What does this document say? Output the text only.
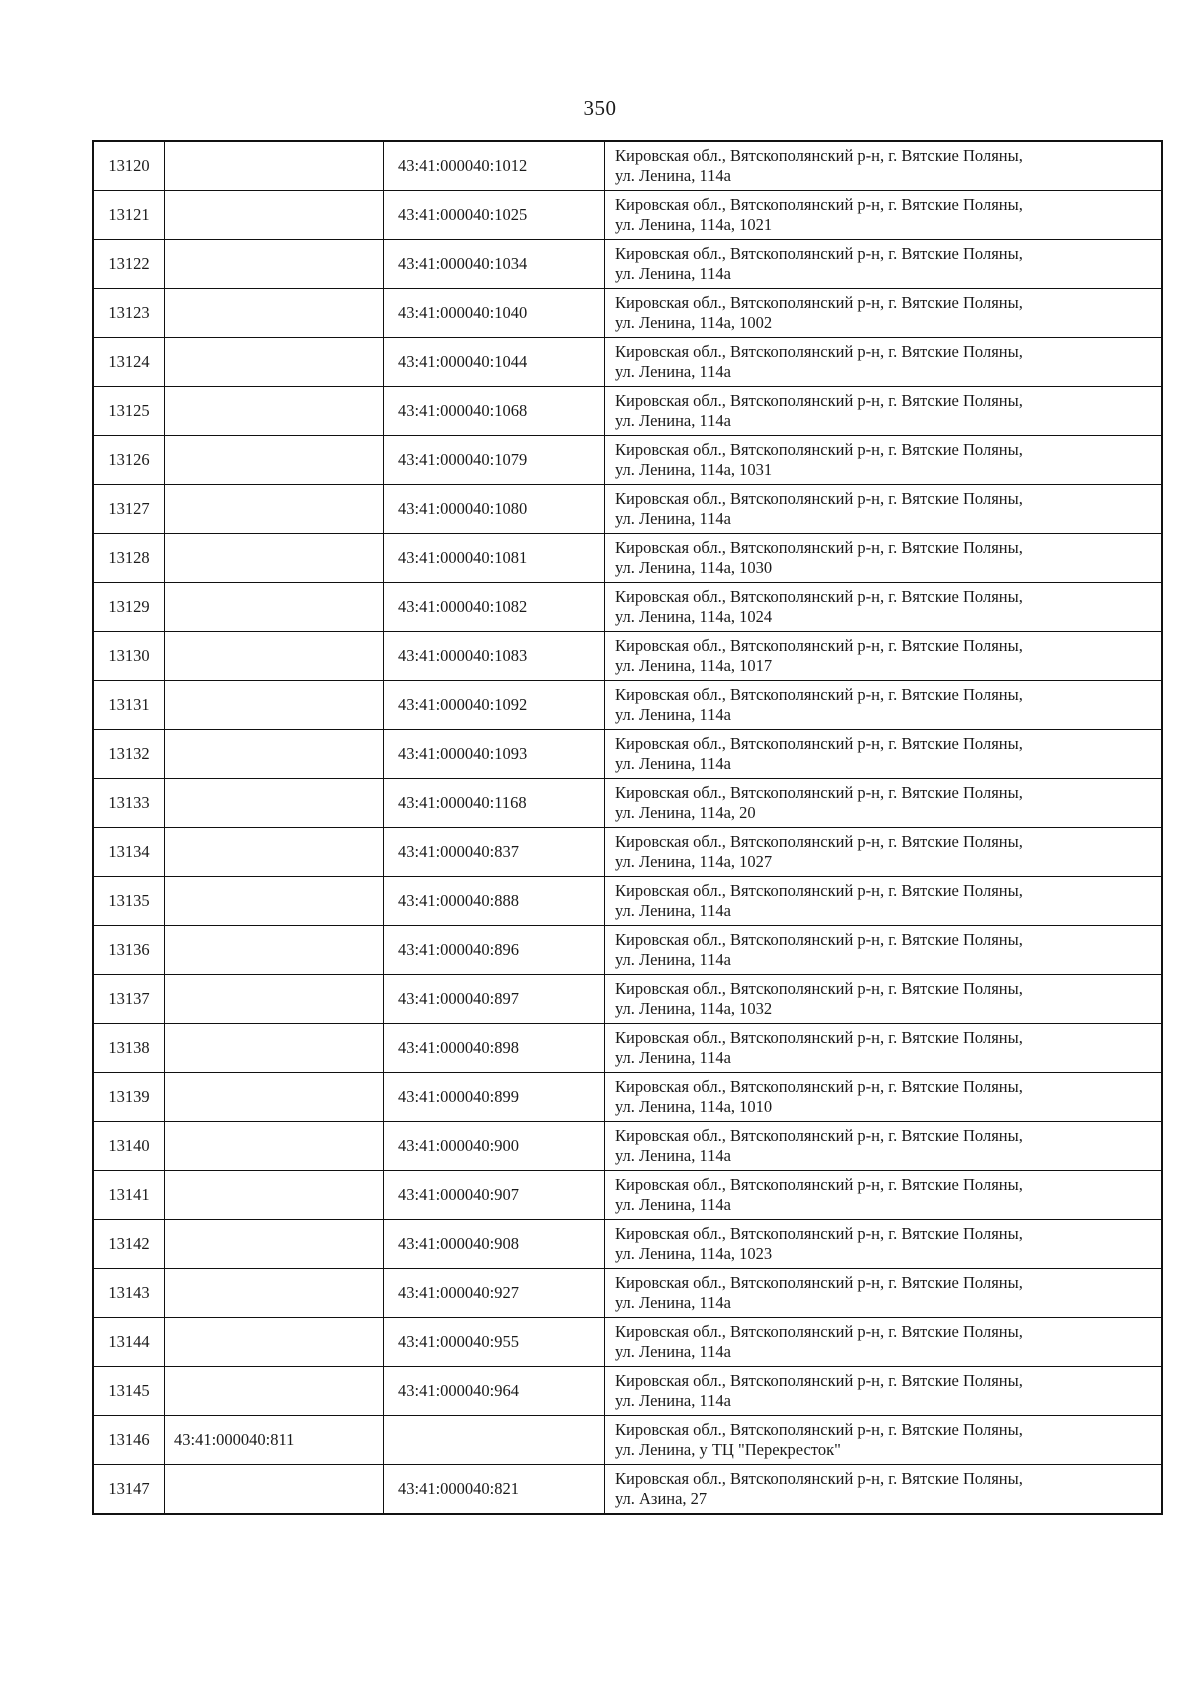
350
13120		43:41:000040:1012	Кировская обл., Вятскополянский р-н, г. Вятские Поляны,
ул. Ленина, 114а

13121		43:41:000040:1025	Кировская обл., Вятскополянский р-н, г. Вятские Поляны,
ул. Ленина, 114а, 1021

13122		43:41:000040:1034	Кировская обл., Вятскополянский р-н, г. Вятские Поляны,
ул. Ленина, 114а

13123		43:41:000040:1040	Кировская обл., Вятскополянский р-н, г. Вятские Поляны,
ул. Ленина, 114а, 1002

13124		43:41:000040:1044	Кировская обл., Вятскополянский р-н, г. Вятские Поляны,
ул. Ленина, 114а

13125		43:41:000040:1068	Кировская обл., Вятскополянский р-н, г. Вятские Поляны,
ул. Ленина, 114а

13126		43:41:000040:1079	Кировская обл., Вятскополянский р-н, г. Вятские Поляны,
ул. Ленина, 114а, 1031

13127		43:41:000040:1080	Кировская обл., Вятскополянский р-н, г. Вятские Поляны,
ул. Ленина, 114а

13128		43:41:000040:1081	Кировская обл., Вятскополянский р-н, г. Вятские Поляны,
ул. Ленина, 114а, 1030

13129		43:41:000040:1082	Кировская обл., Вятскополянский р-н, г. Вятские Поляны,
ул. Ленина, 114а, 1024

13130		43:41:000040:1083	Кировская обл., Вятскополянский р-н, г. Вятские Поляны,
ул. Ленина, 114а, 1017

13131		43:41:000040:1092	Кировская обл., Вятскополянский р-н, г. Вятские Поляны,
ул. Ленина, 114а

13132		43:41:000040:1093	Кировская обл., Вятскополянский р-н, г. Вятские Поляны,
ул. Ленина, 114а

13133		43:41:000040:1168	Кировская обл., Вятскополянский р-н, г. Вятские Поляны,
ул. Ленина, 114а, 20

13134		43:41:000040:837	Кировская обл., Вятскополянский р-н, г. Вятские Поляны,
ул. Ленина, 114а, 1027

13135		43:41:000040:888	Кировская обл., Вятскополянский р-н, г. Вятские Поляны,
ул. Ленина, 114а

13136		43:41:000040:896	Кировская обл., Вятскополянский р-н, г. Вятские Поляны,
ул. Ленина, 114а

13137		43:41:000040:897	Кировская обл., Вятскополянский р-н, г. Вятские Поляны,
ул. Ленина, 114а, 1032

13138		43:41:000040:898	Кировская обл., Вятскополянский р-н, г. Вятские Поляны,
ул. Ленина, 114а

13139		43:41:000040:899	Кировская обл., Вятскополянский р-н, г. Вятские Поляны,
ул. Ленина, 114а, 1010

13140		43:41:000040:900	Кировская обл., Вятскополянский р-н, г. Вятские Поляны,
ул. Ленина, 114а

13141		43:41:000040:907	Кировская обл., Вятскополянский р-н, г. Вятские Поляны,
ул. Ленина, 114а

13142		43:41:000040:908	Кировская обл., Вятскополянский р-н, г. Вятские Поляны,
ул. Ленина, 114а, 1023

13143		43:41:000040:927	Кировская обл., Вятскополянский р-н, г. Вятские Поляны,
ул. Ленина, 114а

13144		43:41:000040:955	Кировская обл., Вятскополянский р-н, г. Вятские Поляны,
ул. Ленина, 114а

13145		43:41:000040:964	Кировская обл., Вятскополянский р-н, г. Вятские Поляны,
ул. Ленина, 114а

13146	43:41:000040:811		Кировская обл., Вятскополянский р-н, г. Вятские Поляны,
ул. Ленина, у ТЦ "Перекресток"

13147		43:41:000040:821	Кировская обл., Вятскополянский р-н, г. Вятские Поляны,
ул. Азина, 27
